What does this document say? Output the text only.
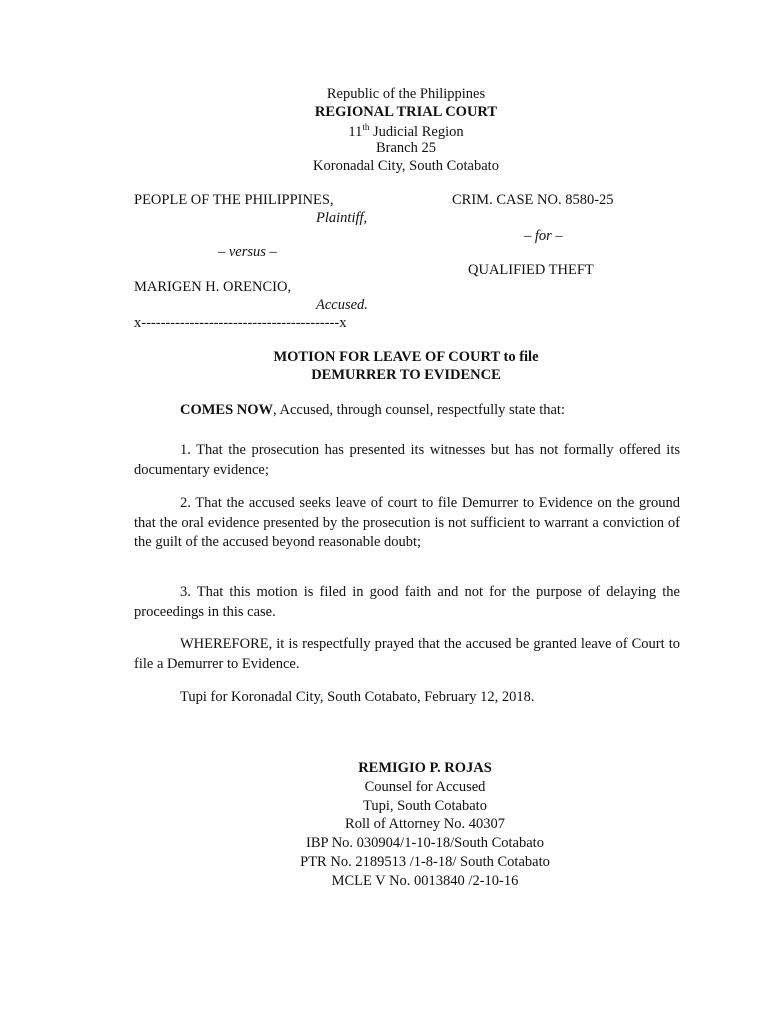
Republic of the Philippines
REGIONAL TRIAL COURT
11th Judicial Region
Branch 25
Koronadal City, South Cotabato
PEOPLE OF THE PHILIPPINES,
Plaintiff,
– versus –
MARIGEN H. ORENCIO,
Accused.
x-----------------------------------------x
CRIM. CASE NO. 8580-25
– for –
QUALIFIED THEFT
MOTION FOR LEAVE OF COURT to file
DEMURRER TO EVIDENCE

COMES NOW, Accused, through counsel, respectfully state that:

1. That the prosecution has presented its witnesses but has not formally offered its documentary evidence;

2. That the accused seeks leave of court to file Demurrer to Evidence on the ground that the oral evidence presented by the prosecution is not sufficient to warrant a conviction of the guilt of the accused beyond reasonable doubt;

3. That this motion is filed in good faith and not for the purpose of delaying the proceedings in this case.

WHEREFORE, it is respectfully prayed that the accused be granted leave of Court to file a Demurrer to Evidence.

Tupi for Koronadal City, South Cotabato, February 12, 2018.

REMIGIO P. ROJAS
Counsel for Accused
Tupi, South Cotabato
Roll of Attorney No. 40307
IBP No. 030904/1-10-18/South Cotabato
PTR No. 2189513 /1-8-18/ South Cotabato
MCLE V No. 0013840 /2-10-16
